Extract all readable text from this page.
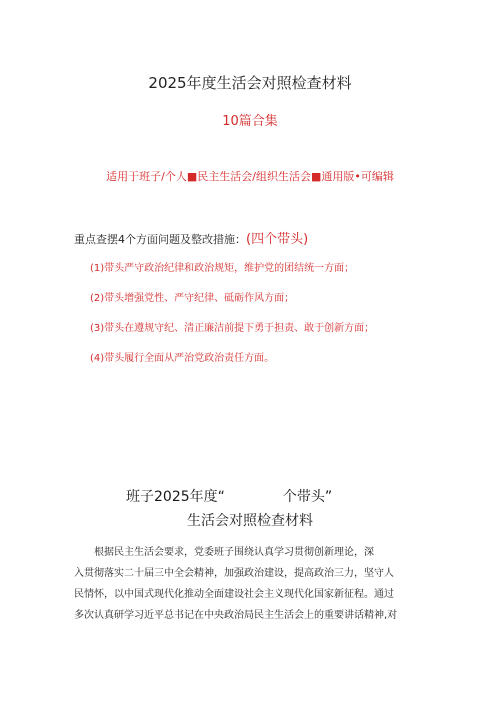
2025年度生活会对照检查材料
10篇合集
适用于班子/个人■民主生活会/组织生活会■通用版•可编辑
重点查摆4个方面问题及整改措施：(四个带头)
(1)带头严守政治纪律和政治规矩，维护党的团结统一方面；
(2)带头增强党性、严守纪律、砥砺作风方面；
(3)带头在遵规守纪、清正廉洁前提下勇于担责、敢于创新方面；
(4)带头履行全面从严治党政治责任方面。
班子2025年度“	个带头”
生活会对照检查材料

根据民主生活会要求，党委班子围绕认真学习贯彻创新理论，深

入贯彻落实二十届三中全会精神，加强政治建设，提高政治三力，坚守人

民情怀，以中国式现代化推动全面建设社会主义现代化国家新征程。通过

多次认真研学习近平总书记在中央政治局民主生活会上的重要讲话精神,对
